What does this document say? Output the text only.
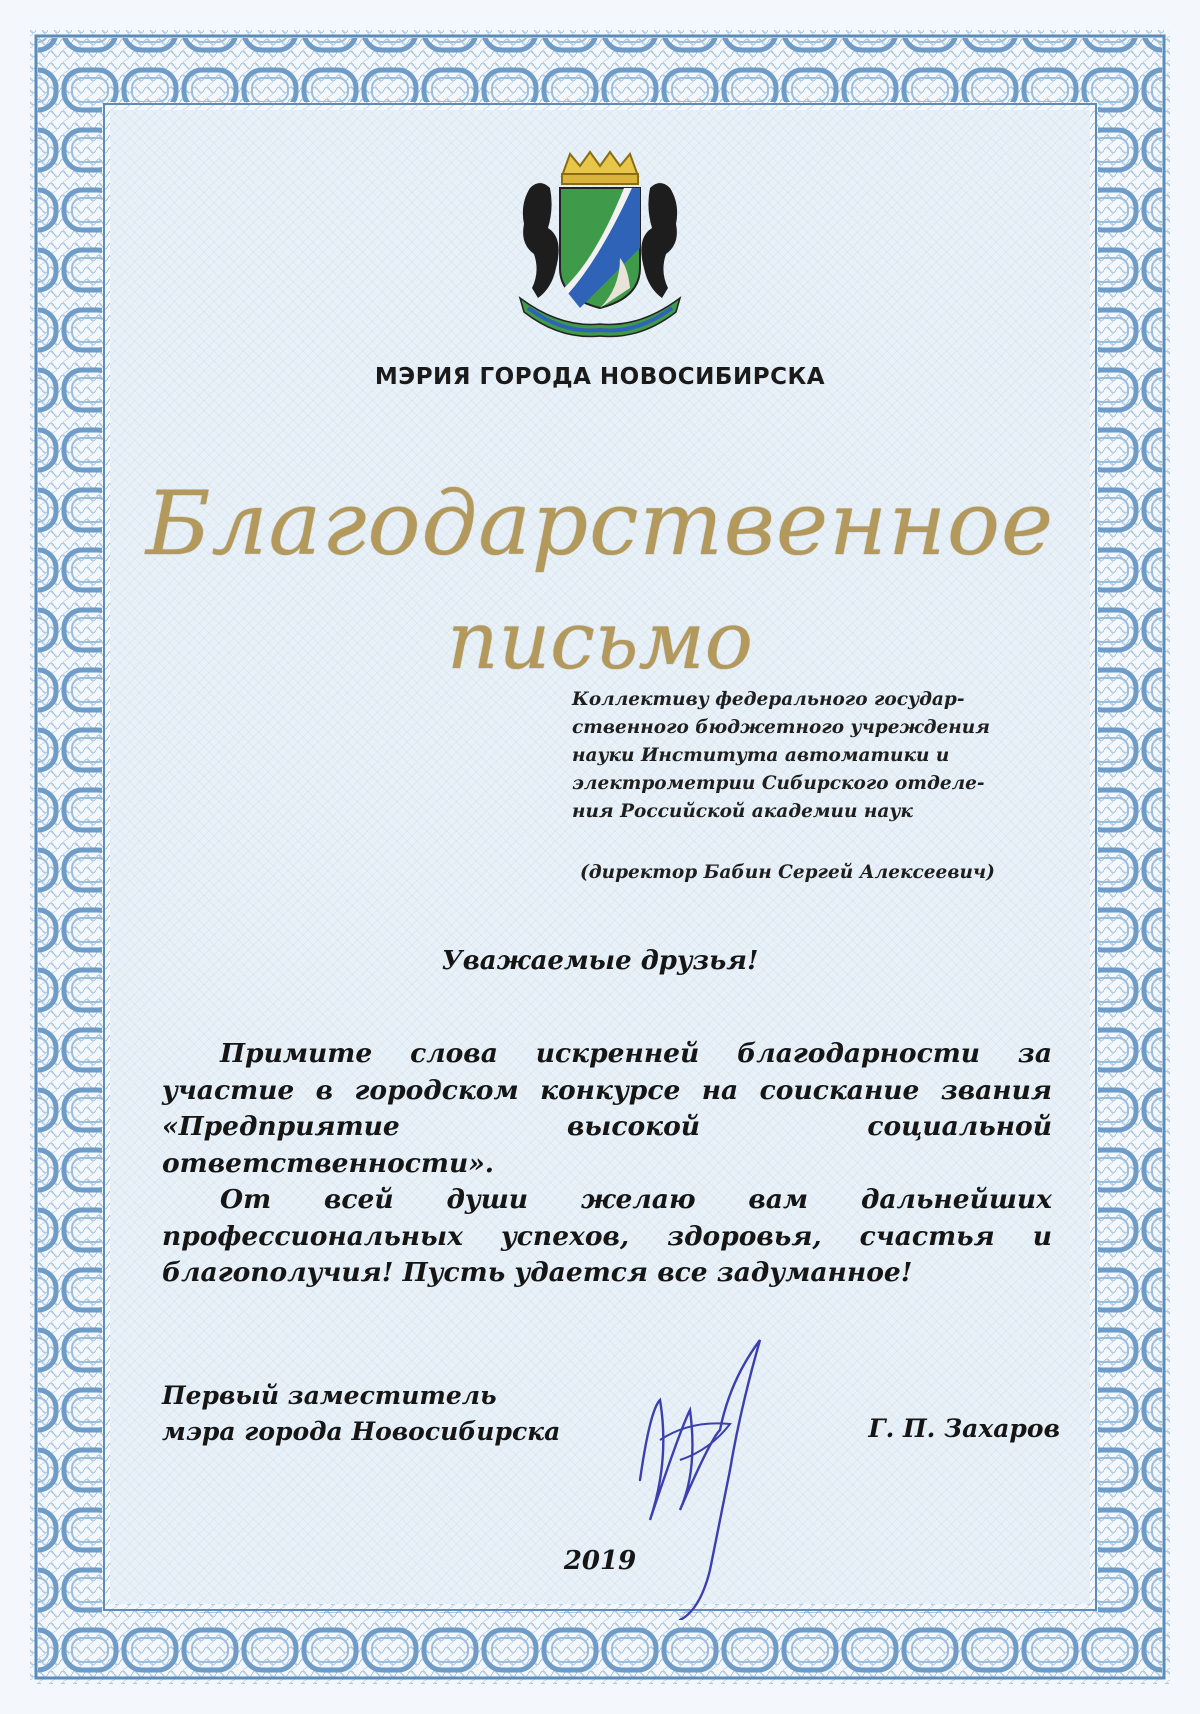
МЭРИЯ ГОРОДА НОВОСИБИРСКА
Благодарственное
письмо
Коллективу федерального государ-
ственного бюджетного учреждения
науки Института автоматики и
электрометрии Сибирского отделе-
ния Российской академии наук
(директор Бабин Сергей Алексеевич)
Уважаемые друзья!

Примите слова искренней благодарности за участие в городском конкурсе на соискание звания «Предприятие высокой социальной ответственности».

От всей души желаю вам дальнейших профессиональных успехов, здоровья, счастья и благополучия! Пусть удается все задуманное!

Первый заместитель
мэра города Новосибирска	Г. П. Захаров
2019
